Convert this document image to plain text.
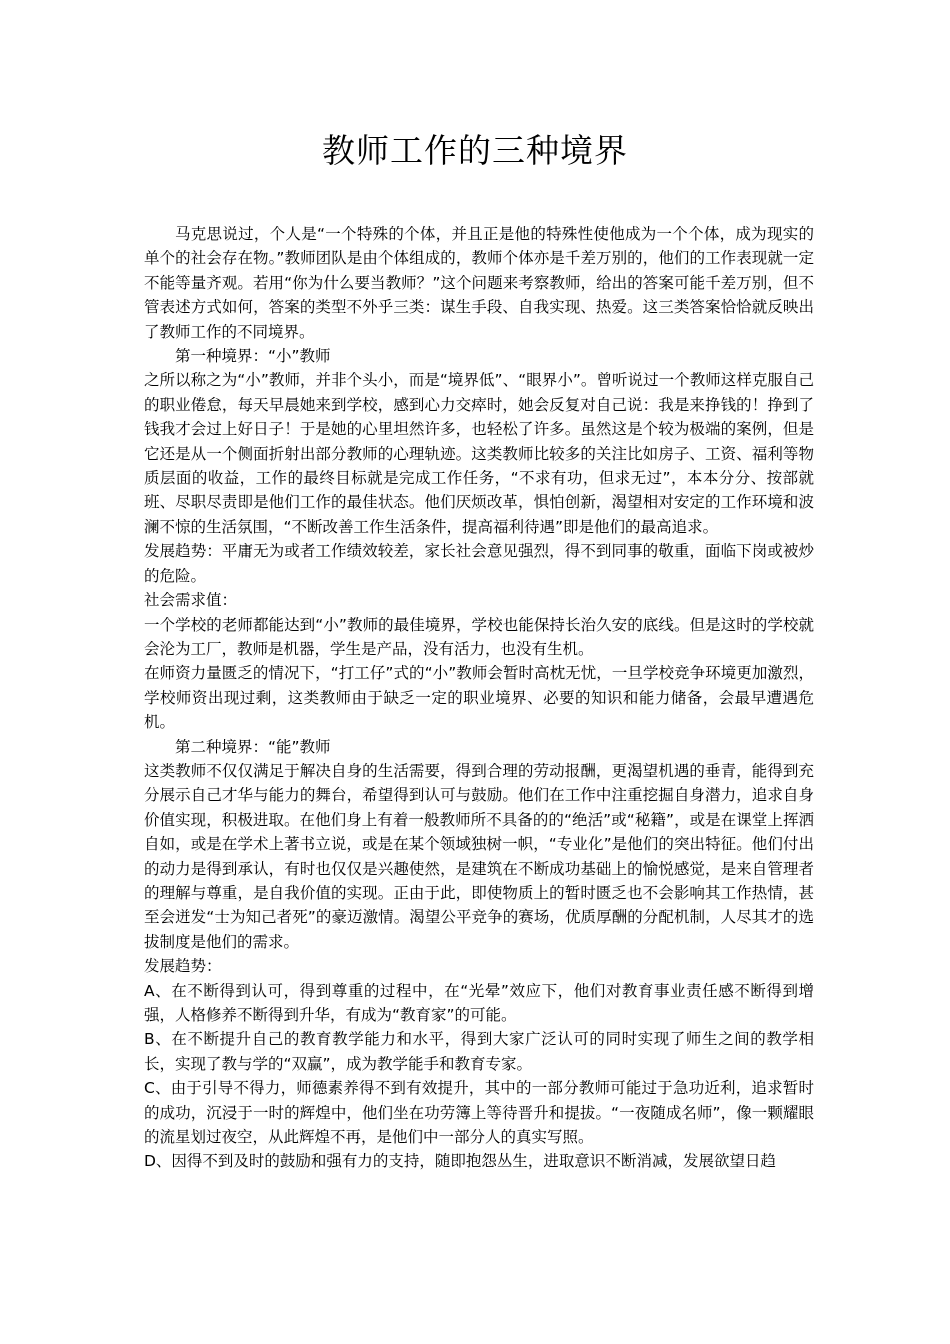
教师工作的三种境界

马克思说过，个人是“一个特殊的个体，并且正是他的特殊性使他成为一个个体，成为现实的单个的社会存在物。”教师团队是由个体组成的，教师个体亦是千差万别的，他们的工作表现就一定不能等量齐观。若用“你为什么要当教师？”这个问题来考察教师，给出的答案可能千差万别，但不管表述方式如何，答案的类型不外乎三类：谋生手段、自我实现、热爱。这三类答案恰恰就反映出了教师工作的不同境界。

第一种境界：“小”教师

之所以称之为“小”教师，并非个头小，而是“境界低”、“眼界小”。曾听说过一个教师这样克服自己的职业倦怠，每天早晨她来到学校，感到心力交瘁时，她会反复对自己说：我是来挣钱的！挣到了钱我才会过上好日子！于是她的心里坦然许多，也轻松了许多。虽然这是个较为极端的案例，但是它还是从一个侧面折射出部分教师的心理轨迹。这类教师比较多的关注比如房子、工资、福利等物质层面的收益，工作的最终目标就是完成工作任务，“不求有功，但求无过”，本本分分、按部就班、尽职尽责即是他们工作的最佳状态。他们厌烦改革，惧怕创新，渴望相对安定的工作环境和波澜不惊的生活氛围，“不断改善工作生活条件，提高福利待遇”即是他们的最高追求。

发展趋势：平庸无为或者工作绩效较差，家长社会意见强烈，得不到同事的敬重，面临下岗或被炒的危险。

社会需求值：

一个学校的老师都能达到“小”教师的最佳境界，学校也能保持长治久安的底线。但是这时的学校就会沦为工厂，教师是机器，学生是产品，没有活力，也没有生机。

在师资力量匮乏的情况下，“打工仔”式的“小”教师会暂时高枕无忧，一旦学校竞争环境更加激烈，学校师资出现过剩，这类教师由于缺乏一定的职业境界、必要的知识和能力储备，会最早遭遇危机。

第二种境界：“能”教师

这类教师不仅仅满足于解决自身的生活需要，得到合理的劳动报酬，更渴望机遇的垂青，能得到充分展示自己才华与能力的舞台，希望得到认可与鼓励。他们在工作中注重挖掘自身潜力，追求自身价值实现，积极进取。在他们身上有着一般教师所不具备的的“绝活”或“秘籍”，或是在课堂上挥洒自如，或是在学术上著书立说，或是在某个领域独树一帜，“专业化”是他们的突出特征。他们付出的动力是得到承认，有时也仅仅是兴趣使然，是建筑在不断成功基础上的愉悦感觉，是来自管理者的理解与尊重，是自我价值的实现。正由于此，即使物质上的暂时匮乏也不会影响其工作热情，甚至会迸发“士为知己者死”的豪迈激情。渴望公平竞争的赛场，优质厚酬的分配机制，人尽其才的选拔制度是他们的需求。

发展趋势：

A、在不断得到认可，得到尊重的过程中，在“光晕”效应下，他们对教育事业责任感不断得到增强，人格修养不断得到升华，有成为“教育家”的可能。

B、在不断提升自己的教育教学能力和水平，得到大家广泛认可的同时实现了师生之间的教学相长，实现了教与学的“双赢”，成为教学能手和教育专家。

C、由于引导不得力，师德素养得不到有效提升，其中的一部分教师可能过于急功近利，追求暂时的成功，沉浸于一时的辉煌中，他们坐在功劳簿上等待晋升和提拔。“一夜随成名师”，像一颗耀眼的流星划过夜空，从此辉煌不再，是他们中一部分人的真实写照。

D、因得不到及时的鼓励和强有力的支持，随即抱怨丛生，进取意识不断消减，发展欲望日趋
